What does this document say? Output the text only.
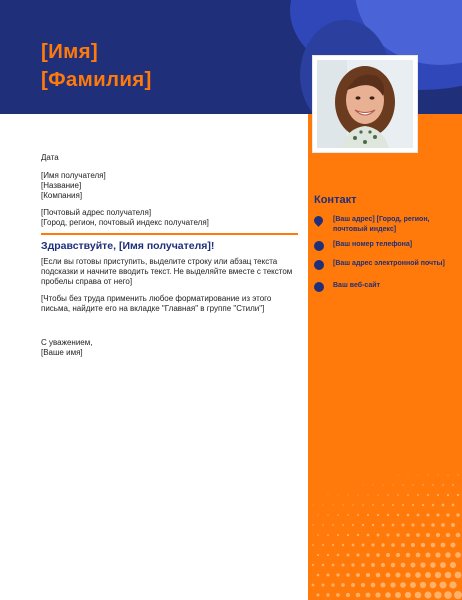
[Имя]
[Фамилия]
Контакт
[Ваш адрес] [Город, регион, почтовый индекс]
[Ваш номер телефона]
[Ваш адрес электронной почты]
Ваш веб-сайт
Дата
[Имя получателя]
[Название]
[Компания]
[Почтовый адрес получателя]
[Город, регион, почтовый индекс получателя]
Здравствуйте, [Имя получателя]!
[Если вы готовы приступить, выделите строку или абзац текста подсказки и начните вводить текст. Не выделяйте вместе с текстом пробелы справа от него]
[Чтобы без труда применить любое форматирование из этого письма, найдите его на вкладке "Главная" в группе "Стили"]
С уважением,
[Ваше имя]
